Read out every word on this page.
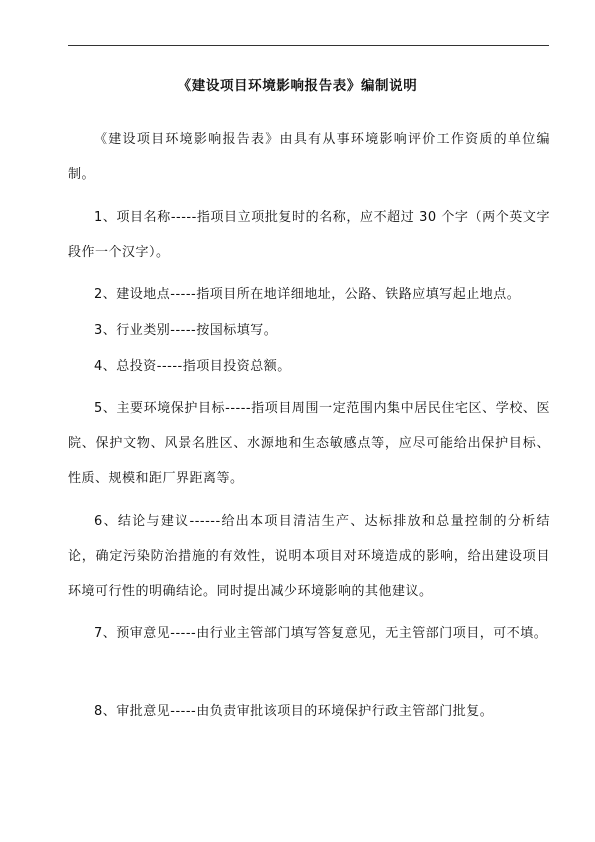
《建设项目环境影响报告表》编制说明

《建设项目环境影响报告表》由具有从事环境影响评价工作资质的单位编制。

1、项目名称-----指项目立项批复时的名称，应不超过 30 个字（两个英文字段作一个汉字）。

2、建设地点-----指项目所在地详细地址，公路、铁路应填写起止地点。

3、行业类别-----按国标填写。

4、总投资-----指项目投资总额。

5、主要环境保护目标-----指项目周围一定范围内集中居民住宅区、学校、医院、保护文物、风景名胜区、水源地和生态敏感点等，应尽可能给出保护目标、性质、规模和距厂界距离等。

6、结论与建议------给出本项目清洁生产、达标排放和总量控制的分析结论，确定污染防治措施的有效性，说明本项目对环境造成的影响，给出建设项目环境可行性的明确结论。同时提出减少环境影响的其他建议。

7、预审意见-----由行业主管部门填写答复意见，无主管部门项目，可不填。

8、审批意见-----由负责审批该项目的环境保护行政主管部门批复。
